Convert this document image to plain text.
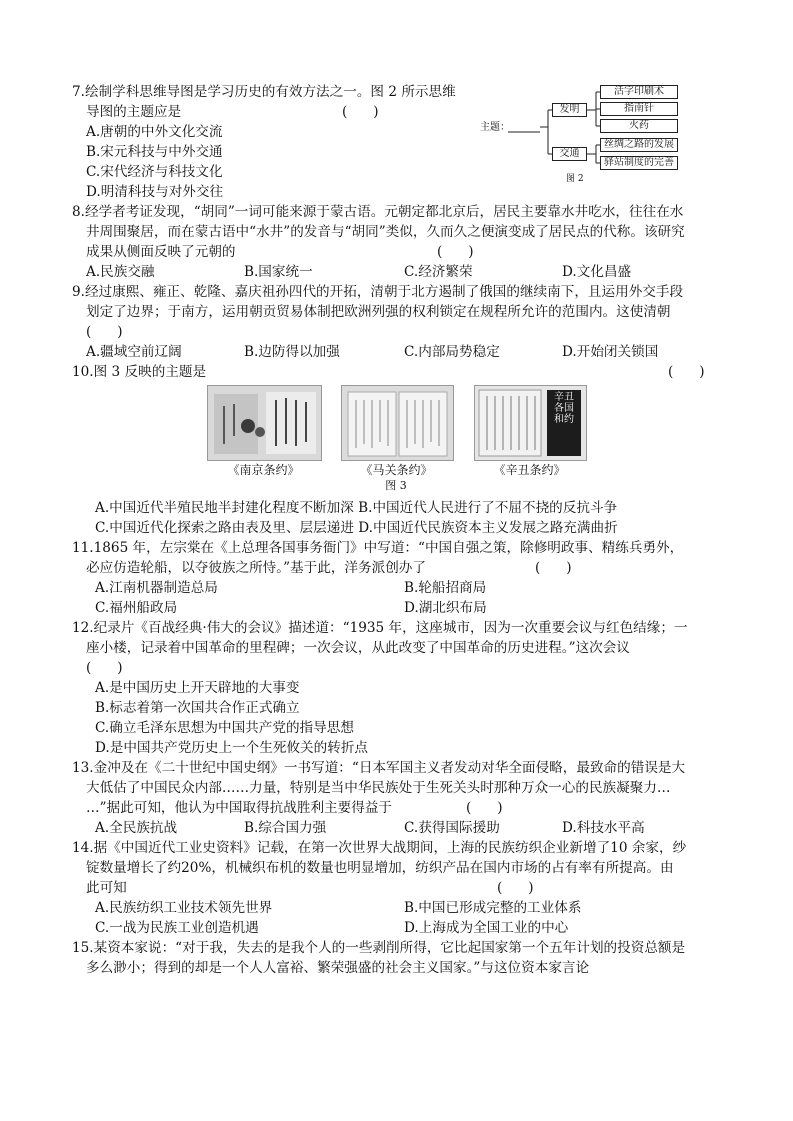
7.绘制学科思维导图是学习历史的有效方法之一。图 2 所示思维
导图的主题应是	(      )
A.唐朝的中外文化交流
B.宋元科技与中外交通
C.宋代经济与科技文化
D.明清科技与对外交往
主题：
发明
交通
活字印刷术
指南针
火药
丝绸之路的发展
驿站制度的完善
图 2
8.经学者考证发现，“胡同”一词可能来源于蒙古语。元朝定都北京后，居民主要靠水井吃水，往往在水
井周围聚居，而在蒙古语中“水井”的发音与“胡同”类似，久而久之便演变成了居民点的代称。该研究
成果从侧面反映了元朝的	(      )
A.民族交融	B.国家统一	C.经济繁荣	D.文化昌盛
9.经过康熙、雍正、乾隆、嘉庆祖孙四代的开拓，清朝于北方遏制了俄国的继续南下，且运用外交手段
划定了边界；于南方，运用朝贡贸易体制把欧洲列强的权利锁定在规程所允许的范围内。这使清朝
(      )
A.疆域空前辽阔	B.边防得以加强	C.内部局势稳定	D.开始闭关锁国
10.图 3 反映的主题是	(      )
辛丑各国和约
《南京条约》	《马关条约》	《辛丑条约》
图 3
A.中国近代半殖民地半封建化程度不断加深 B.中国近代人民进行了不屈不挠的反抗斗争
C.中国近代化探索之路由表及里、层层递进 D.中国近代民族资本主义发展之路充满曲折
11.1865 年，左宗棠在《上总理各国事务衙门》中写道：“中国自强之策，除修明政事、精练兵勇外，
必应仿造轮船，以夺彼族之所恃。”基于此，洋务派创办了	(      )
A.江南机器制造总局	B.轮船招商局
C.福州船政局	D.湖北织布局
12.纪录片《百战经典·伟大的会议》描述道：“1935 年，这座城市，因为一次重要会议与红色结缘；一
座小楼，记录着中国革命的里程碑；一次会议，从此改变了中国革命的历史进程。”这次会议
(      )
A.是中国历史上开天辟地的大事变
B.标志着第一次国共合作正式确立
C.确立毛泽东思想为中国共产党的指导思想
D.是中国共产党历史上一个生死攸关的转折点
13.金冲及在《二十世纪中国史纲》一书写道：“日本军国主义者发动对华全面侵略，最致命的错误是大
大低估了中国民众内部……力量，特别是当中华民族处于生死关头时那种万众一心的民族凝聚力…
…”据此可知，他认为中国取得抗战胜利主要得益于	(      )
A.全民族抗战	B.综合国力强	C.获得国际援助	D.科技水平高
14.据《中国近代工业史资料》记载，在第一次世界大战期间，上海的民族纺织企业新增了10 余家，纱
锭数量增长了约20%，机械织布机的数量也明显增加，纺织产品在国内市场的占有率有所提高。由
此可知	(      )
A.民族纺织工业技术领先世界	B.中国已形成完整的工业体系
C.一战为民族工业创造机遇	D.上海成为全国工业的中心
15.某资本家说：“对于我，失去的是我个人的一些剥削所得，它比起国家第一个五年计划的投资总额是
多么渺小；得到的却是一个人人富裕、繁荣强盛的社会主义国家。”与这位资本家言论
